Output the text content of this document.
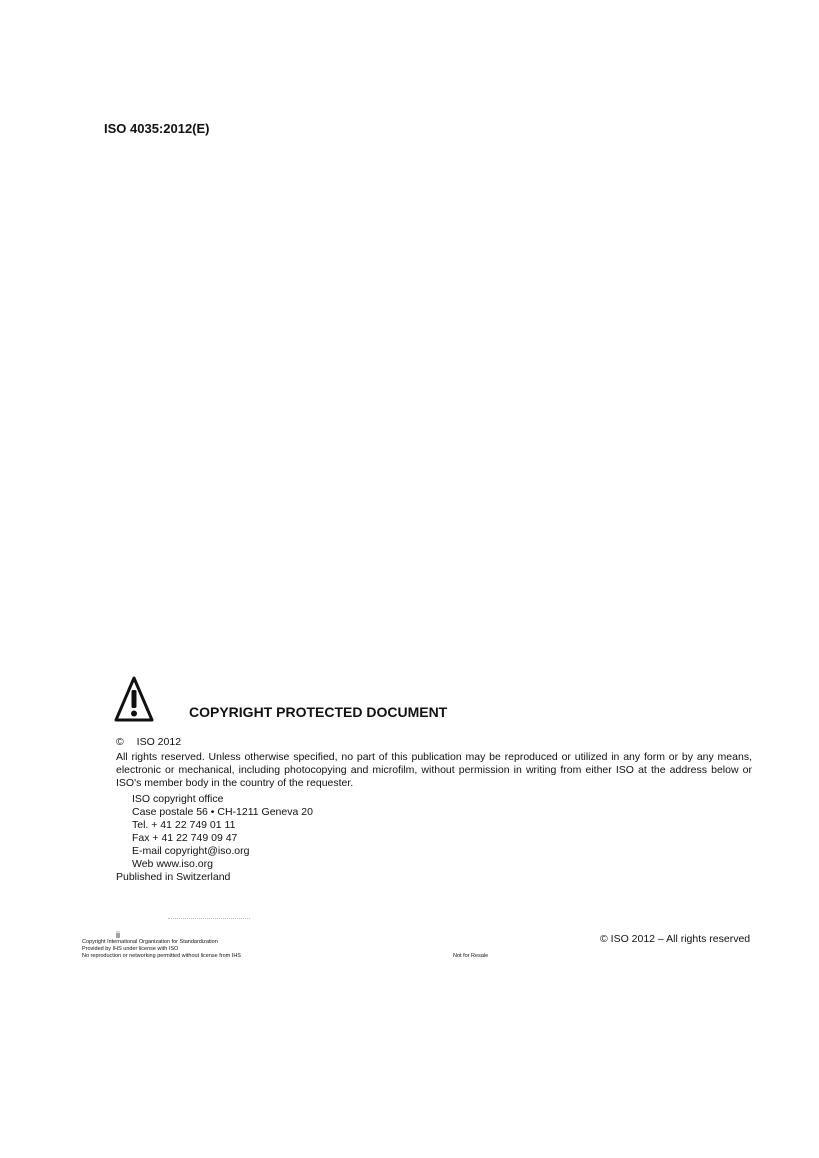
ISO 4035:2012(E)
COPYRIGHT PROTECTED DOCUMENT
© ISO 2012
All rights reserved. Unless otherwise specified, no part of this publication may be reproduced or utilized in any form or by any means, electronic or mechanical, including photocopying and microfilm, without permission in writing from either ISO at the address below or ISO's member body in the country of the requester.
ISO copyright office
Case postale 56 • CH-1211 Geneva 20
Tel. + 41 22 749 01 11
Fax + 41 22 749 09 47
E-mail copyright@iso.org
Web www.iso.org
Published in Switzerland
ii	© ISO 2012 – All rights reserved
Copyright International Organization for Standardization
Provided by IHS under license with ISO
No reproduction or networking permitted without license from IHS	Not for Resale
